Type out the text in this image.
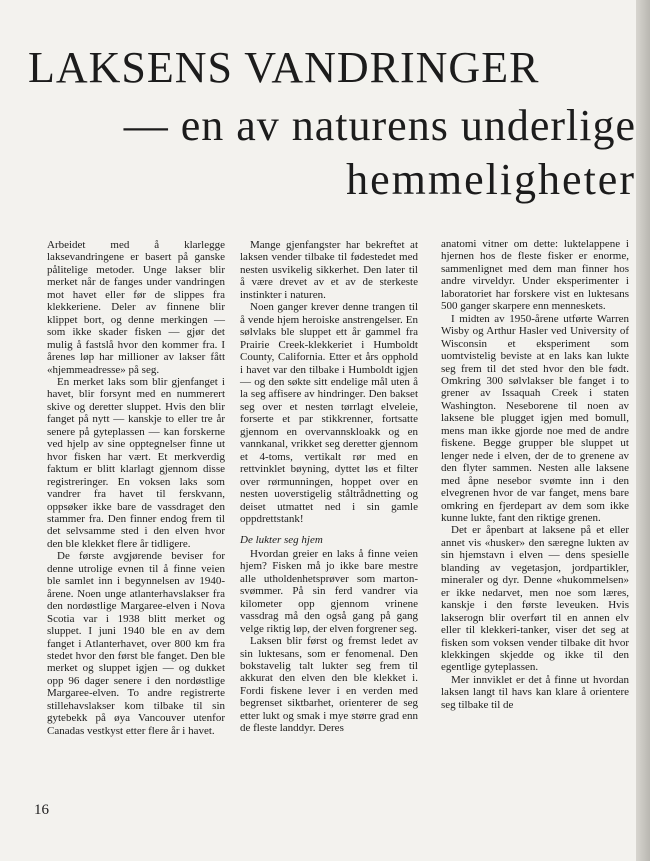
LAKSENS VANDRINGER
— en av naturens underlige
hemmeligheter

Arbeidet med å klarlegge laksevandringene er basert på ganske pålitelige metoder. Unge lakser blir merket når de fanges under vandringen mot havet eller før de slippes fra klekkeriene. Deler av finnene blir klippet bort, og denne merkingen — som ikke skader fisken — gjør det mulig å fastslå hvor den kommer fra. I årenes løp har millioner av lakser fått «hjemmeadresse» på seg.

En merket laks som blir gjenfanget i havet, blir forsynt med en nummerert skive og deretter sluppet. Hvis den blir fanget på nytt — kanskje to eller tre år senere på gyteplassen — kan forskerne ved hjelp av sine opptegnelser finne ut hvor fisken har vært. Et merkverdig faktum er blitt klarlagt gjennom disse registreringer. En voksen laks som vandrer fra havet til ferskvann, oppsøker ikke bare de vassdraget den stammer fra. Den finner endog frem til det selvsamme sted i den elven hvor den ble klekket flere år tidligere.

De første avgjørende beviser for denne utrolige evnen til å finne veien ble samlet inn i begynnelsen av 1940-årene. Noen unge atlanterhavslakser fra den nordøstlige Margaree-elven i Nova Scotia var i 1938 blitt merket og sluppet. I juni 1940 ble en av dem fanget i Atlanterhavet, over 800 km fra stedet hvor den først ble fanget. Den ble merket og sluppet igjen — og dukket opp 96 dager senere i den nordøstlige Margaree-elven. To andre registrerte stillehavslakser kom tilbake til sin gytebekk på øya Vancouver utenfor Canadas vestkyst etter flere år i havet.

Mange gjenfangster har bekreftet at laksen vender tilbake til fødestedet med nesten usvikelig sikkerhet. Den later til å være drevet av et av de sterkeste instinkter i naturen.

Noen ganger krever denne trangen til å vende hjem heroiske anstrengelser. En sølvlaks ble sluppet ett år gammel fra Prairie Creek-klekkeriet i Humboldt County, California. Etter et års opphold i havet var den tilbake i Humboldt igjen — og den søkte sitt endelige mål uten å la seg affisere av hindringer. Den bakset seg over et nesten tørrlagt elveleie, forserte et par stikkrenner, fortsatte gjennom en overvannskloakk og en vannkanal, vrikket seg deretter gjennom et 4-toms, vertikalt rør med en rettvinklet bøyning, dyttet løs et filter over rørmunningen, hoppet over en nesten uoverstigelig ståltrådnetting og deiset utmattet ned i sin gamle oppdrettstank!

De lukter seg hjem

Hvordan greier en laks å finne veien hjem? Fisken må jo ikke bare mestre alle utholdenhetsprøver som marton-svømmer. På sin ferd vandrer via kilometer opp gjennom vrinene vassdrag må den også gang på gang velge riktig løp, der elven forgrener seg.

Laksen blir først og fremst ledet av sin luktesans, som er fenomenal. Den bokstavelig talt lukter seg frem til akkurat den elven den ble klekket i. Fordi fiskene lever i en verden med begrenset siktbarhet, orienterer de seg etter lukt og smak i mye større grad enn de fleste landdyr. Deres

anatomi vitner om dette: luktelappene i hjernen hos de fleste fisker er enorme, sammenlignet med dem man finner hos andre virveldyr. Under eksperimenter i laboratoriet har forskere vist en luktesans 500 ganger skarpere enn menneskets.

I midten av 1950-årene utførte Warren Wisby og Arthur Hasler ved University of Wisconsin et eksperiment som uomtvistelig beviste at en laks kan lukte seg frem til det sted hvor den ble født. Omkring 300 sølvlakser ble fanget i to grener av Issaquah Creek i staten Washington. Neseborene til noen av laksene ble plugget igjen med bomull, mens man ikke gjorde noe med de andre fiskene. Begge grupper ble sluppet ut lenger nede i elven, der de to grenene av den flyter sammen. Nesten alle laksene med åpne nesebor svømte inn i den elvegrenen hvor de var fanget, mens bare omkring en fjerdepart av dem som ikke kunne lukte, fant den riktige grenen.

Det er åpenbart at laksene på et eller annet vis «husker» den særegne lukten av sin hjemstavn i elven — dens spesielle blanding av vegetasjon, jordpartikler, mineraler og dyr. Denne «hukommelsen» er ikke nedarvet, men noe som læres, kanskje i den første leveuken. Hvis lakserogn blir overført til en annen elv eller til klekkeri-tanker, viser det seg at fisken som voksen vender tilbake dit hvor klekkingen skjedde og ikke til den egentlige gyteplassen.

Mer innviklet er det å finne ut hvordan laksen langt til havs kan klare å orientere seg tilbake til de

16
